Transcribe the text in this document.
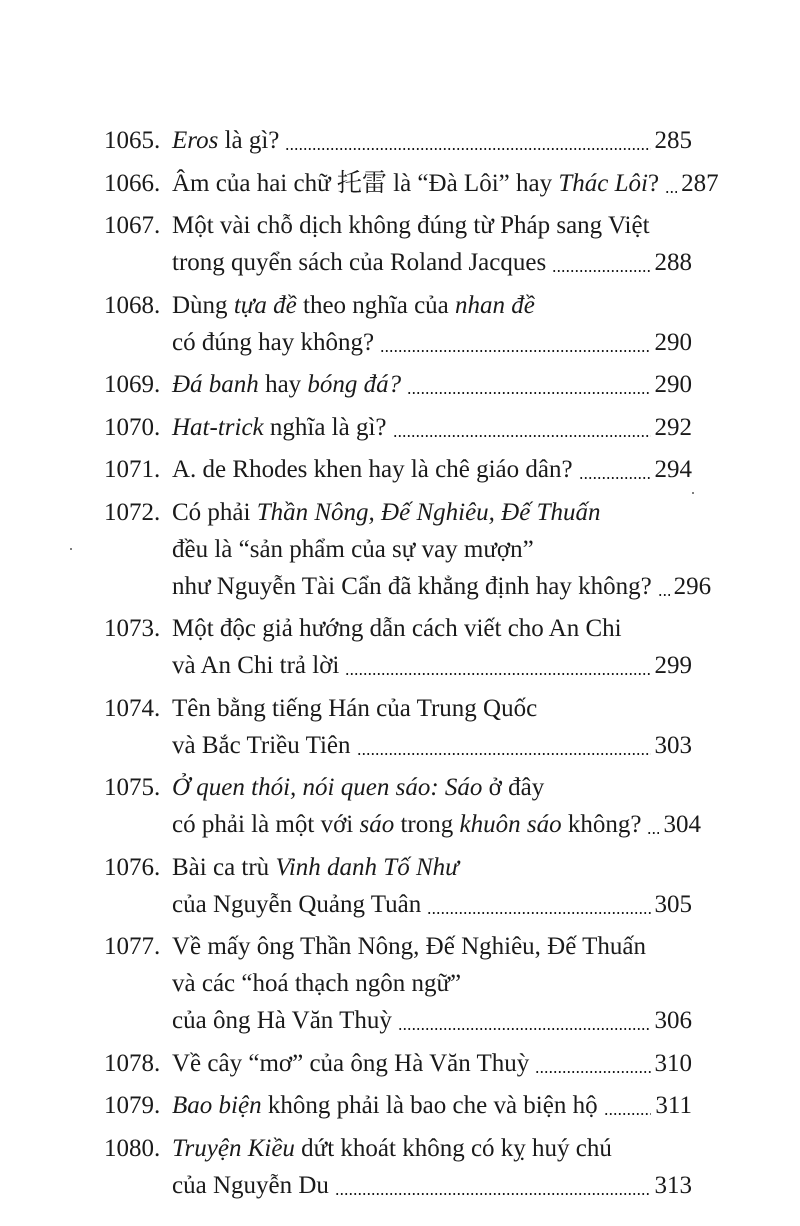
1065. Eros là gì?	285
1066. Âm của hai chữ 托雷 là “Đà Lôi” hay Thác Lôi? 287
1067. Một vài chỗ dịch không đúng từ Pháp sang Việt
trong quyển sách của Roland Jacques	288
1068. Dùng tựa đề theo nghĩa của nhan đề
có đúng hay không?	290
1069. Đá banh hay bóng đá?	290
1070. Hat-trick nghĩa là gì?	292
1071. A. de Rhodes khen hay là chê giáo dân?	294
1072. Có phải Thần Nông, Đế Nghiêu, Đế Thuấn
đều là “sản phẩm của sự vay mượn”
như Nguyễn Tài Cẩn đã khẳng định hay không? 296
1073. Một độc giả hướng dẫn cách viết cho An Chi
và An Chi trả lời	299
1074. Tên bằng tiếng Hán của Trung Quốc
và Bắc Triều Tiên	303
1075. Ở quen thói, nói quen sáo: Sáo ở đây
có phải là một với sáo trong khuôn sáo không? 304
1076. Bài ca trù Vinh danh Tố Như
của Nguyễn Quảng Tuân	305
1077. Về mấy ông Thần Nông, Đế Nghiêu, Đế Thuấn
và các “hoá thạch ngôn ngữ”
của ông Hà Văn Thuỳ	306
1078. Về cây “mơ” của ông Hà Văn Thuỳ	310
1079. Bao biện không phải là bao che và biện hộ 311
1080. Truyện Kiều dứt khoát không có kỵ huý chú
của Nguyễn Du	313
